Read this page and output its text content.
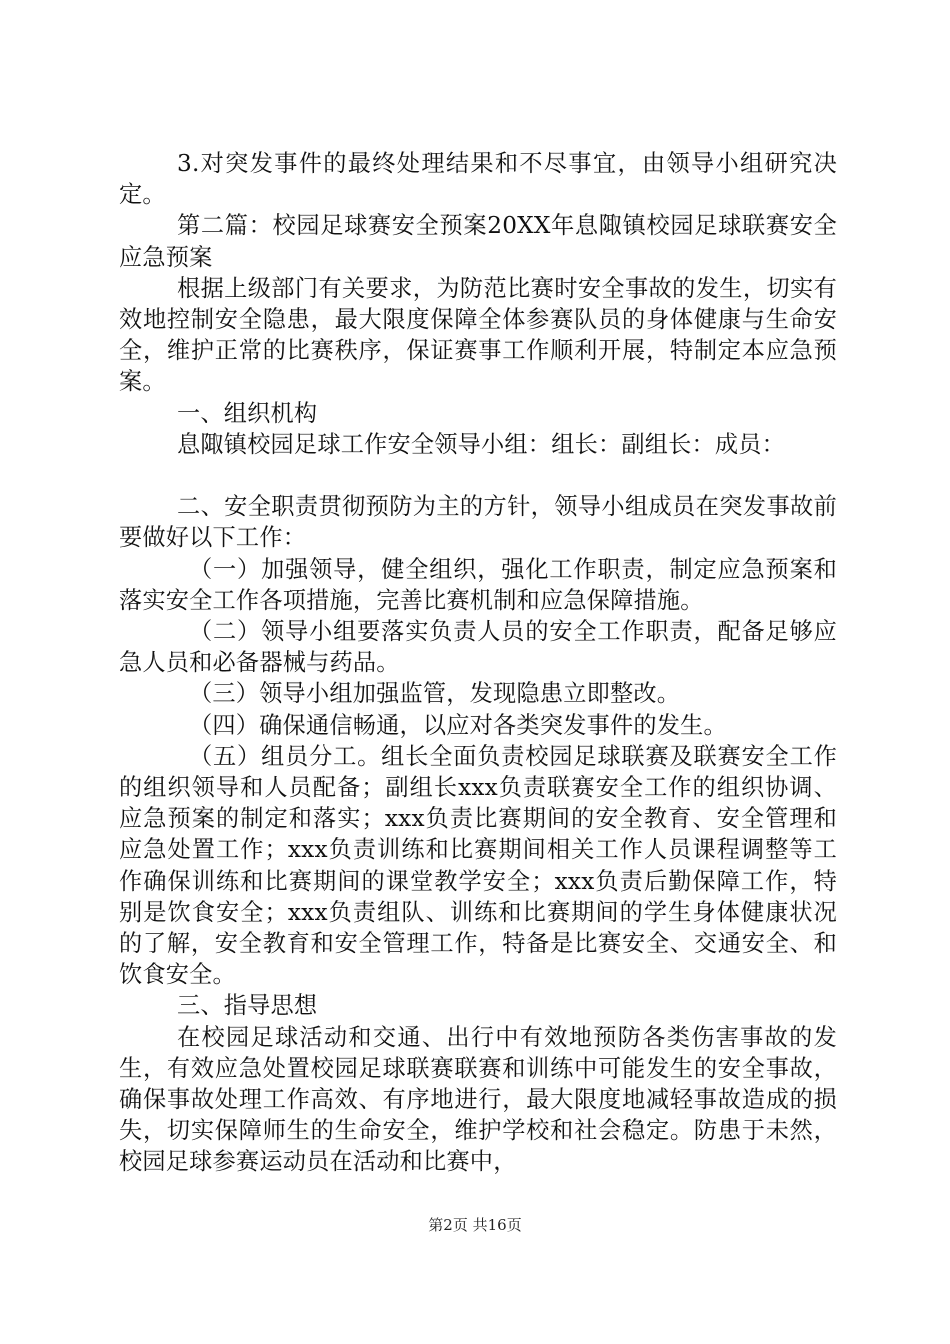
3.对突发事件的最终处理结果和不尽事宜，由领导小组研究决定。

第二篇：校园足球赛安全预案20XX年息陬镇校园足球联赛安全应急预案

根据上级部门有关要求，为防范比赛时安全事故的发生，切实有效地控制安全隐患，最大限度保障全体参赛队员的身体健康与生命安全，维护正常的比赛秩序，保证赛事工作顺利开展，特制定本应急预案。

一、组织机构

息陬镇校园足球工作安全领导小组：组长：副组长：成员：

二、安全职责贯彻预防为主的方针，领导小组成员在突发事故前要做好以下工作：

（一）加强领导，健全组织，强化工作职责，制定应急预案和落实安全工作各项措施，完善比赛机制和应急保障措施。

（二）领导小组要落实负责人员的安全工作职责，配备足够应急人员和必备器械与药品。

（三）领导小组加强监管，发现隐患立即整改。

（四）确保通信畅通，以应对各类突发事件的发生。

（五）组员分工。组长全面负责校园足球联赛及联赛安全工作的组织领导和人员配备；副组长xxx负责联赛安全工作的组织协调、应急预案的制定和落实；xxx负责比赛期间的安全教育、安全管理和应急处置工作；xxx负责训练和比赛期间相关工作人员课程调整等工作确保训练和比赛期间的课堂教学安全；xxx负责后勤保障工作，特别是饮食安全；xxx负责组队、训练和比赛期间的学生身体健康状况的了解，安全教育和安全管理工作，特备是比赛安全、交通安全、和饮食安全。

三、指导思想

在校园足球活动和交通、出行中有效地预防各类伤害事故的发生，有效应急处置校园足球联赛联赛和训练中可能发生的安全事故，确保事故处理工作高效、有序地进行，最大限度地减轻事故造成的损失，切实保障师生的生命安全，维护学校和社会稳定。防患于未然，校园足球参赛运动员在活动和比赛中，

第2页 共16页
